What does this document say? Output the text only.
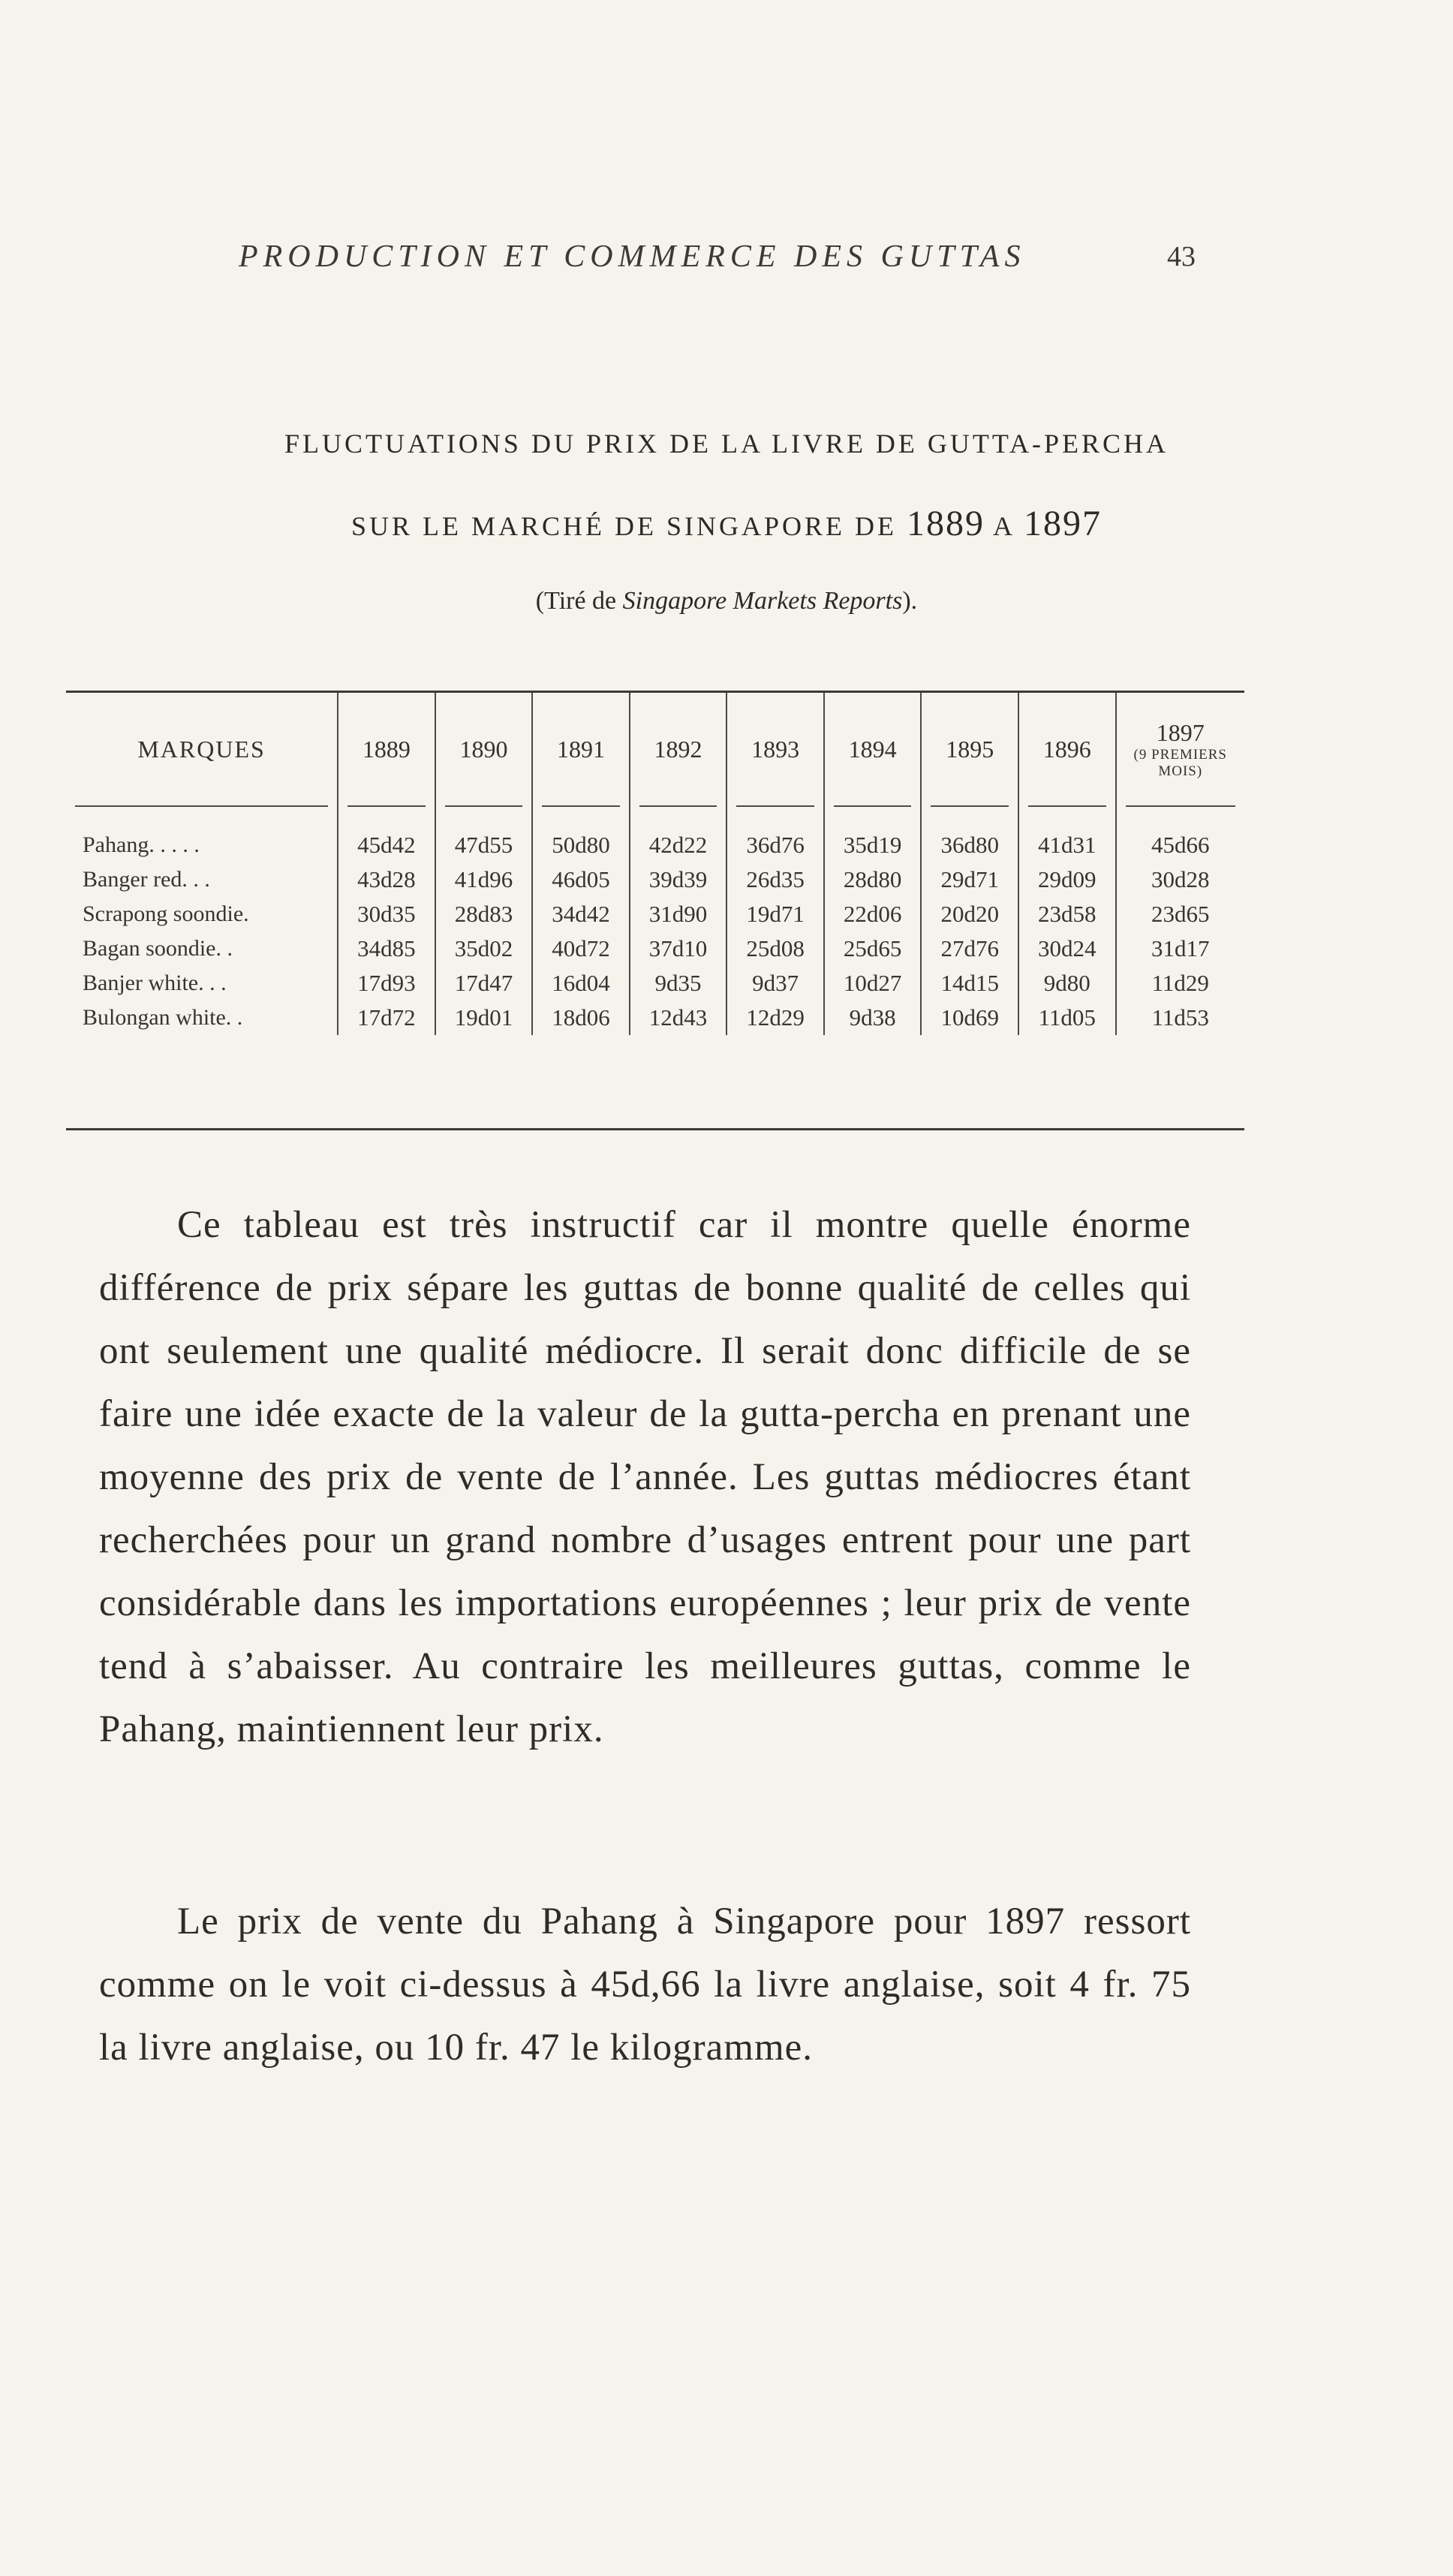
PRODUCTION ET COMMERCE DES GUTTAS	43
FLUCTUATIONS DU PRIX DE LA LIVRE DE GUTTA-PERCHA
SUR LE MARCHÉ DE SINGAPORE DE 1889 A 1897
(Tiré de Singapore Markets Reports).
MARQUES	1889	1890	1891	1892	1893	1894	1895	1896	1897
(9 PREMIERS MOIS)

Pahang. . . . .	45d42	47d55	50d80	42d22	36d76	35d19	36d80	41d31	45d66
Banger red. . .	43d28	41d96	46d05	39d39	26d35	28d80	29d71	29d09	30d28
Scrapong soondie.	30d35	28d83	34d42	31d90	19d71	22d06	20d20	23d58	23d65
Bagan soondie. .	34d85	35d02	40d72	37d10	25d08	25d65	27d76	30d24	31d17
Banjer white. . .	17d93	17d47	16d04	9d35	9d37	10d27	14d15	9d80	11d29
Bulongan white. .	17d72	19d01	18d06	12d43	12d29	9d38	10d69	11d05	11d53

Ce tableau est très instructif car il montre quelle énorme différence de prix sépare les guttas de bonne qualité de celles qui ont seulement une qualité médiocre. Il serait donc difficile de se faire une idée exacte de la valeur de la gutta-percha en prenant une moyenne des prix de vente de l’année. Les guttas médiocres étant recherchées pour un grand nombre d’usages entrent pour une part considérable dans les importations européennes ; leur prix de vente tend à s’abaisser. Au contraire les meilleures guttas, comme le Pahang, maintiennent leur prix.

Le prix de vente du Pahang à Singapore pour 1897 ressort comme on le voit ci-dessus à 45d,66 la livre anglaise, soit 4 fr. 75 la livre anglaise, ou 10 fr. 47 le kilogramme.
